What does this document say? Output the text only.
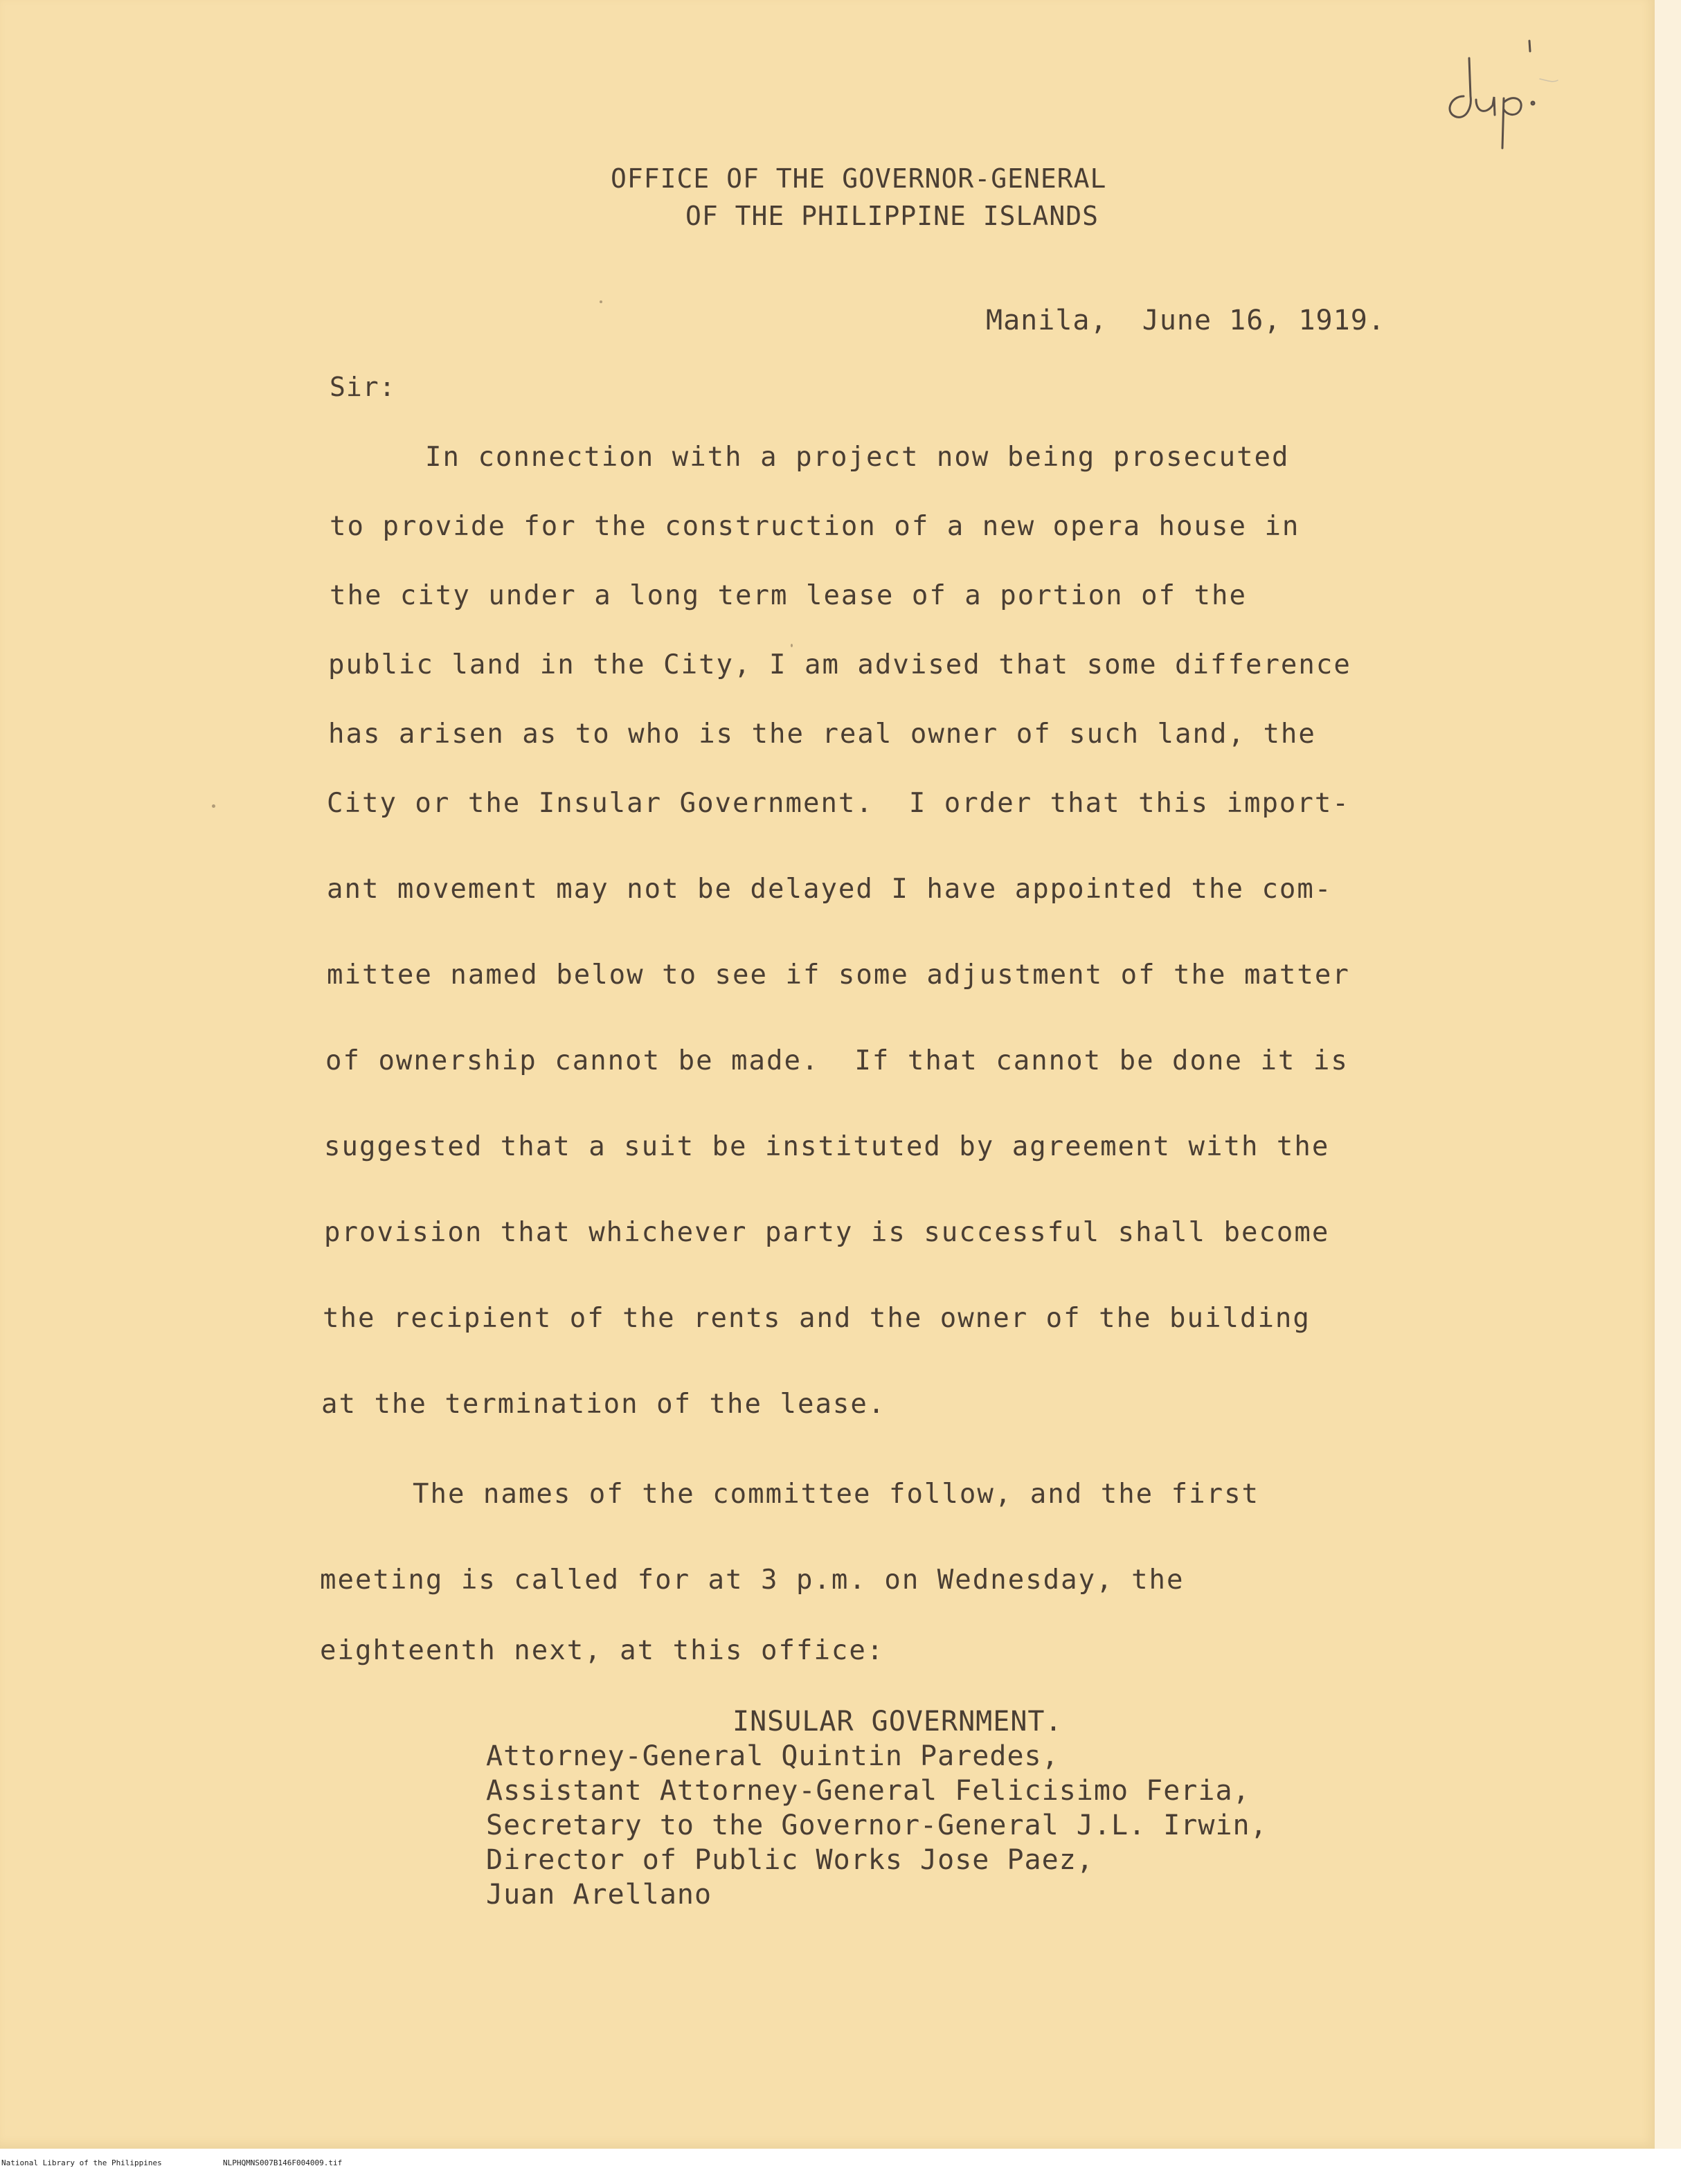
OFFICE OF THE GOVERNOR-GENERAL
OF THE PHILIPPINE ISLANDS
Manila,  June 16, 1919.
Sir:
In connection with a project now being prosecuted
to provide for the construction of a new opera house in
the city under a long term lease of a portion of the
public land in the City, I am advised that some difference
has arisen as to who is the real owner of such land, the
City or the Insular Government.  I order that this import-
ant movement may not be delayed I have appointed the com-
mittee named below to see if some adjustment of the matter
of ownership cannot be made.  If that cannot be done it is
suggested that a suit be instituted by agreement with the
provision that whichever party is successful shall become
the recipient of the rents and the owner of the building
at the termination of the lease.
The names of the committee follow, and the first
meeting is called for at 3 p.m. on Wednesday, the
eighteenth next, at this office:
INSULAR GOVERNMENT.
Attorney-General Quintin Paredes,
Assistant Attorney-General Felicisimo Feria,
Secretary to the Governor-General J.L. Irwin,
Director of Public Works Jose Paez,
Juan Arellano

National Library of the Philippines

	NLPHQMNS007B146F004009.tif
